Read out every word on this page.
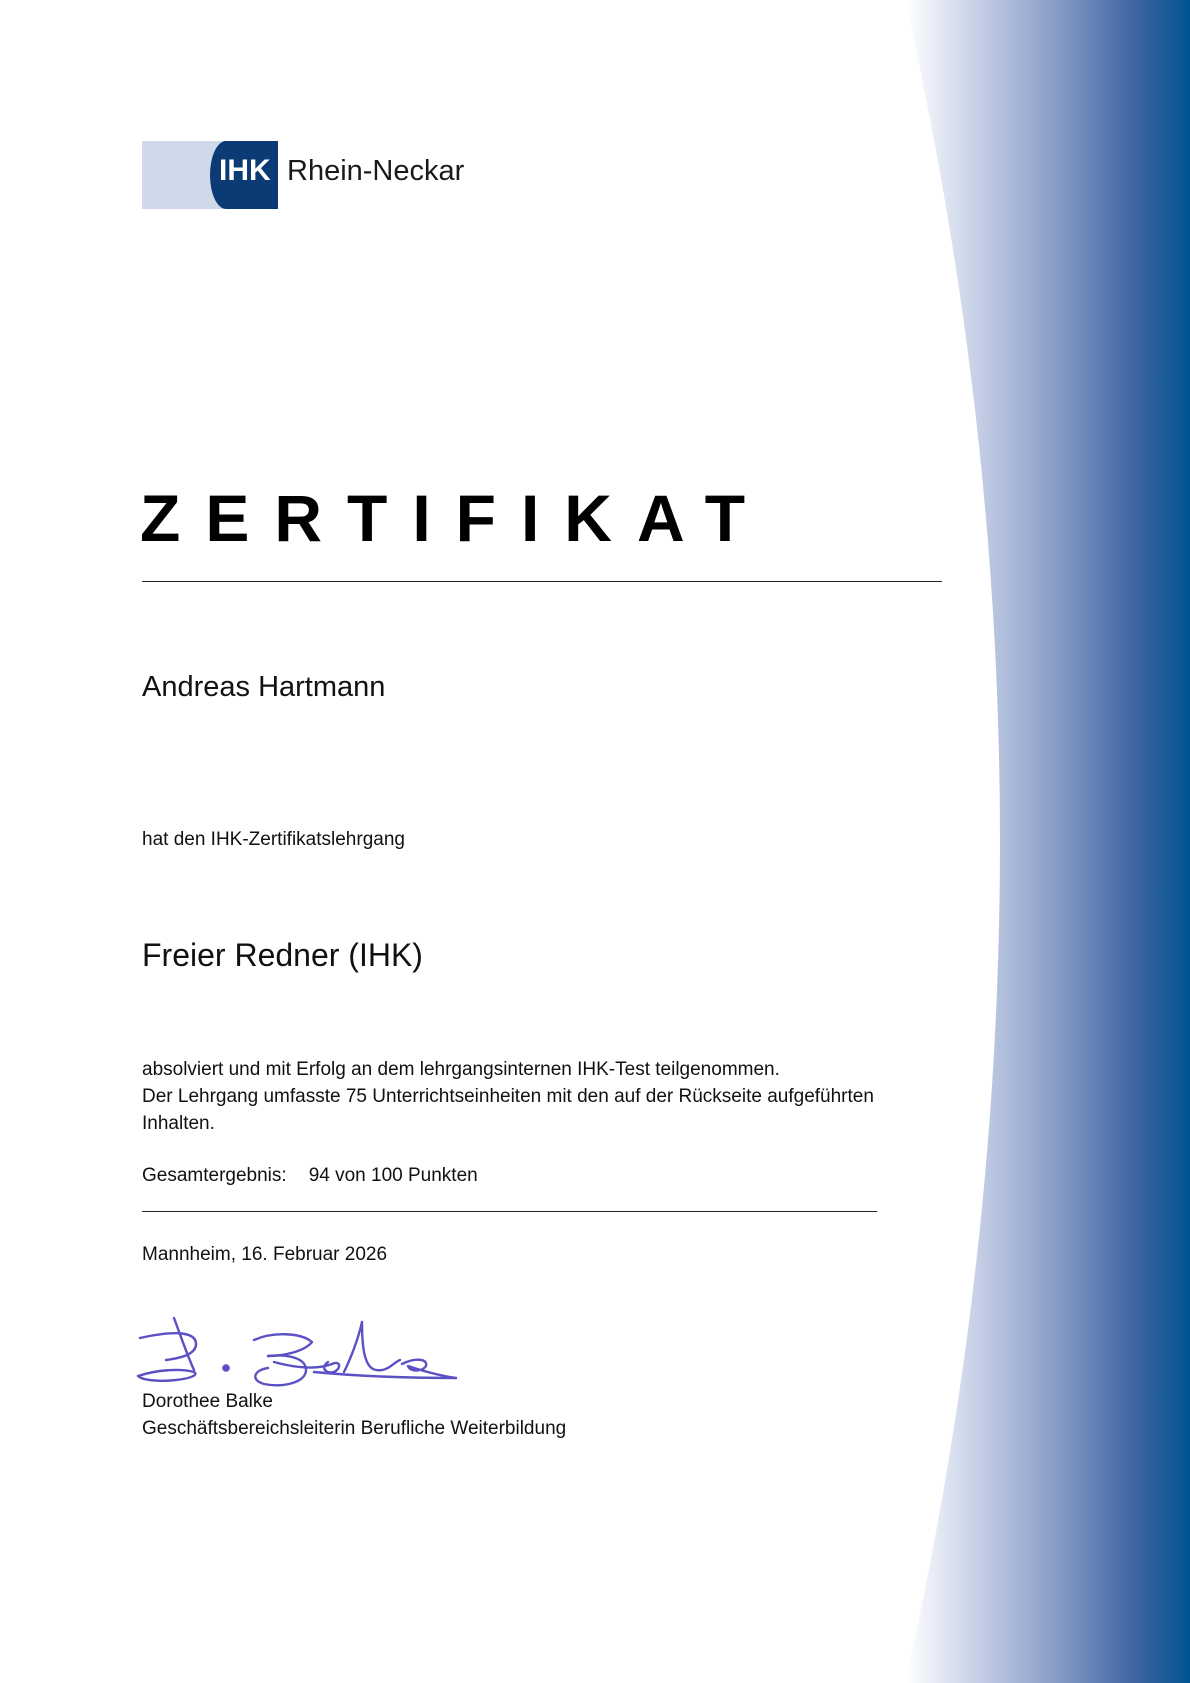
IHK Rhein-Neckar
ZERTIFIKAT
Andreas Hartmann
hat den IHK-Zertifikatslehrgang
Freier Redner (IHK)

absolviert und mit Erfolg an dem lehrgangsinternen IHK-Test teilgenommen.

Der Lehrgang umfasste 75 Unterrichtseinheiten mit den auf der Rückseite aufgeführten Inhalten.

Gesamtergebnis: 94 von 100 Punkten
Mannheim, 16. Februar 2026
Dorothee Balke
Geschäftsbereichsleiterin Berufliche Weiterbildung
